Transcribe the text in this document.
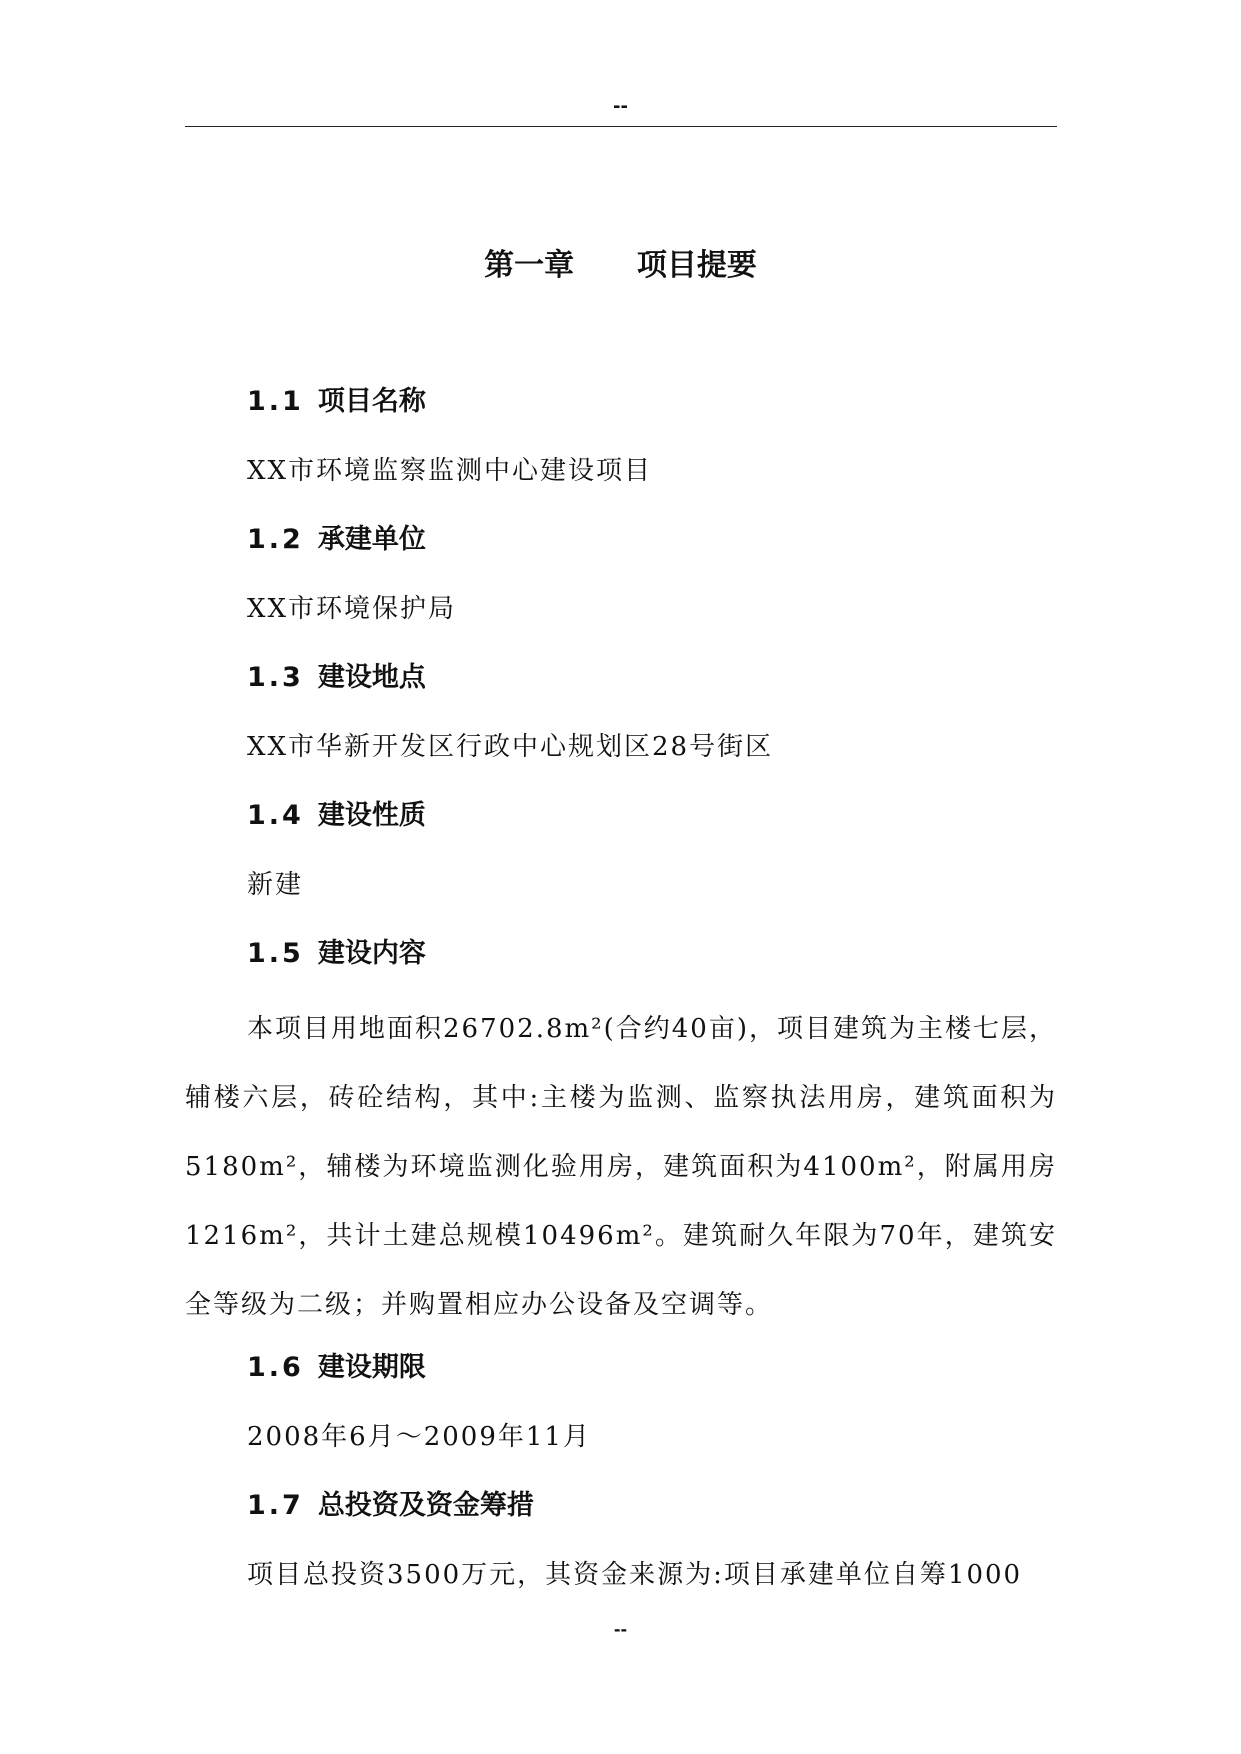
--
第一章      项目提要
1.1 项目名称
XX市环境监察监测中心建设项目
1.2 承建单位
XX市环境保护局
1.3 建设地点
XX市华新开发区行政中心规划区28号街区
1.4 建设性质
新建
1.5 建设内容

本项目用地面积26702.8m²(合约40亩)，项目建筑为主楼七层，辅楼六层，砖砼结构，其中:主楼为监测、监察执法用房，建筑面积为5180m²，辅楼为环境监测化验用房，建筑面积为4100m²，附属用房1216m²，共计土建总规模10496m²。建筑耐久年限为70年，建筑安全等级为二级；并购置相应办公设备及空调等。

1.6 建设期限
2008年6月～2009年11月
1.7 总投资及资金筹措
项目总投资3500万元，其资金来源为:项目承建单位自筹1000
--
